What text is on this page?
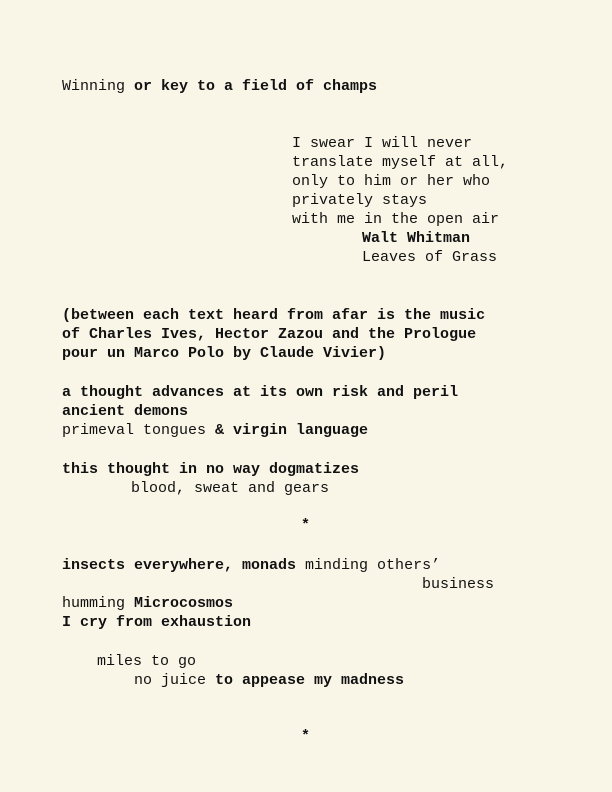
Winning or key to a field of champs

I swear I will never

translate myself at all,

only to him or her who

privately stays

with me in the open air

Walt Whitman

Leaves of Grass

(between each text heard from afar is the music

of Charles Ives, Hector Zazou and the Prologue

pour un Marco Polo by Claude Vivier)

a thought advances at its own risk and peril

ancient demons

primeval tongues & virgin language

this thought in no way dogmatizes

blood, sweat and gears

*

insects everywhere, monads minding others’

business

humming Microcosmos

I cry from exhaustion

miles to go

no juice to appease my madness

*
